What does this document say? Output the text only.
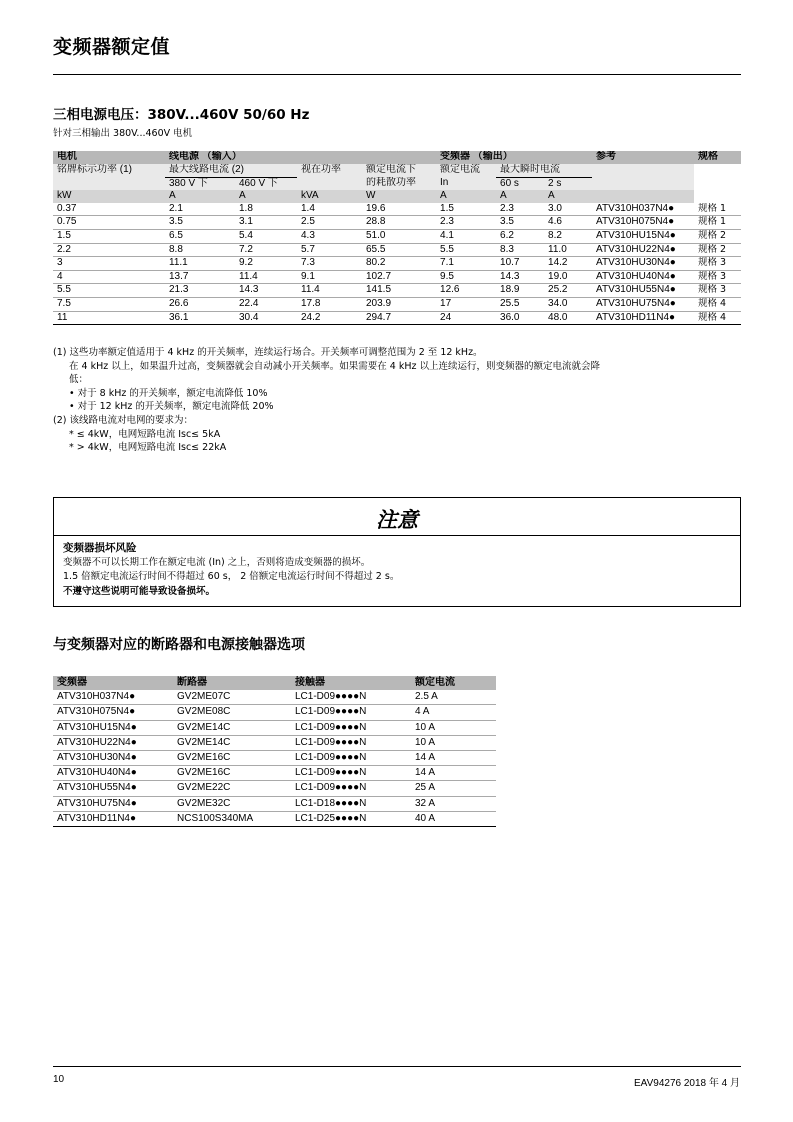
变频器额定值
三相电源电压：380V...460V 50/60 Hz
针对三相输出 380V...460V 电机
电机	线电源 （输入）				变频器 （输出）			参考	规格
铭牌标示功率 (1)	最大线路电流 (2)		视在功率	额定电流下	额定电流	最大瞬时电流			
	380 V 下	460 V 下		的耗散功率	In	60 s	2 s		
kW	A	A	kVA	W	A	A	A		
0.37	2.1	1.8	1.4	19.6	1.5	2.3	3.0	ATV310H037N4●	规格 1
0.75	3.5	3.1	2.5	28.8	2.3	3.5	4.6	ATV310H075N4●	规格 1
1.5	6.5	5.4	4.3	51.0	4.1	6.2	8.2	ATV310HU15N4●	规格 2
2.2	8.8	7.2	5.7	65.5	5.5	8.3	11.0	ATV310HU22N4●	规格 2
3	11.1	9.2	7.3	80.2	7.1	10.7	14.2	ATV310HU30N4●	规格 3
4	13.7	11.4	9.1	102.7	9.5	14.3	19.0	ATV310HU40N4●	规格 3
5.5	21.3	14.3	11.4	141.5	12.6	18.9	25.2	ATV310HU55N4●	规格 3
7.5	26.6	22.4	17.8	203.9	17	25.5	34.0	ATV310HU75N4●	规格 4
11	36.1	30.4	24.2	294.7	24	36.0	48.0	ATV310HD11N4●	规格 4
(1) 这些功率额定值适用于 4 kHz 的开关频率，连续运行场合。开关频率可调整范围为 2 至 12 kHz。
在 4 kHz 以上，如果温升过高，变频器就会自动减小开关频率。如果需要在 4 kHz 以上连续运行，则变频器的额定电流就会降
低：
• 对于 8 kHz 的开关频率，额定电流降低 10%
• 对于 12 kHz 的开关频率，额定电流降低 20%
(2) 该线路电流对电网的要求为：
* ≤ 4kW，电网短路电流 Isc≤ 5kA
* > 4kW，电网短路电流 Isc≤ 22kA
注意
变频器损坏风险
变频器不可以长期工作在额定电流 (In) 之上，否则将造成变频器的损坏。
1.5 倍额定电流运行时间不得超过 60 s， 2 倍额定电流运行时间不得超过 2 s。
不遵守这些说明可能导致设备损坏。
与变频器对应的断路器和电源接触器选项
变频器	断路器	接触器	额定电流
ATV310H037N4●	GV2ME07C	LC1-D09●●●●N	2.5 A
ATV310H075N4●	GV2ME08C	LC1-D09●●●●N	4 A
ATV310HU15N4●	GV2ME14C	LC1-D09●●●●N	10 A
ATV310HU22N4●	GV2ME14C	LC1-D09●●●●N	10 A
ATV310HU30N4●	GV2ME16C	LC1-D09●●●●N	14 A
ATV310HU40N4●	GV2ME16C	LC1-D09●●●●N	14 A
ATV310HU55N4●	GV2ME22C	LC1-D09●●●●N	25 A
ATV310HU75N4●	GV2ME32C	LC1-D18●●●●N	32 A
ATV310HD11N4●	NCS100S340MA	LC1-D25●●●●N	40 A
10	EAV94276 2018 年 4 月
